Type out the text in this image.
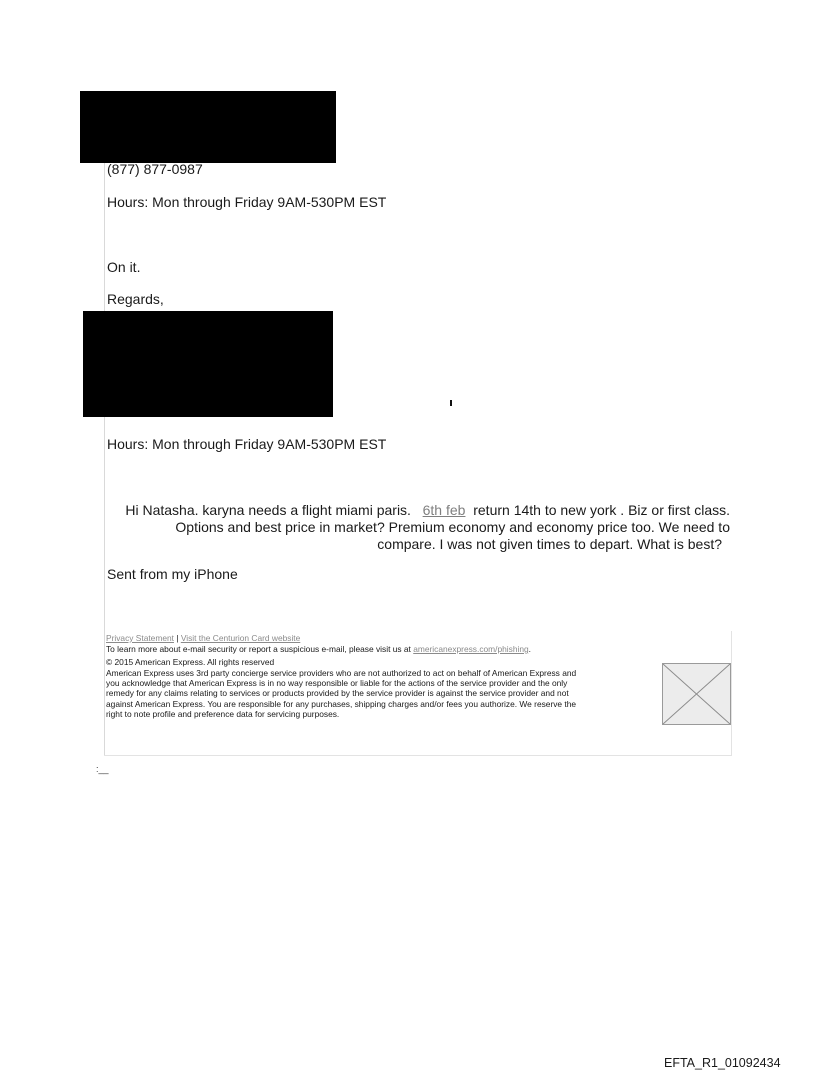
(877) 877-0987
Hours: Mon through Friday 9AM-530PM EST
On it.
Regards,
Hours: Mon through Friday 9AM-530PM EST
Hi Natasha. karyna needs a flight miami paris. 6th feb return 14th to new york . Biz or first class.
Options and best price in market? Premium economy and economy price too. We need to
compare. I was not given times to depart. What is best?
Sent from my iPhone
Privacy Statement | Visit the Centurion Card website
To learn more about e-mail security or report a suspicious e-mail, please visit us at americanexpress.com/phishing.
© 2015 American Express. All rights reserved
American Express uses 3rd party concierge service providers who are not authorized to act on behalf of American Express and
you acknowledge that American Express is in no way responsible or liable for the actions of the service provider and the only
remedy for any claims relating to services or products provided by the service provider is against the service provider and not
against American Express. You are responsible for any purchases, shipping charges and/or fees you authorize. We reserve the
right to note profile and preference data for servicing purposes.
:__
EFTA_R1_01092434
